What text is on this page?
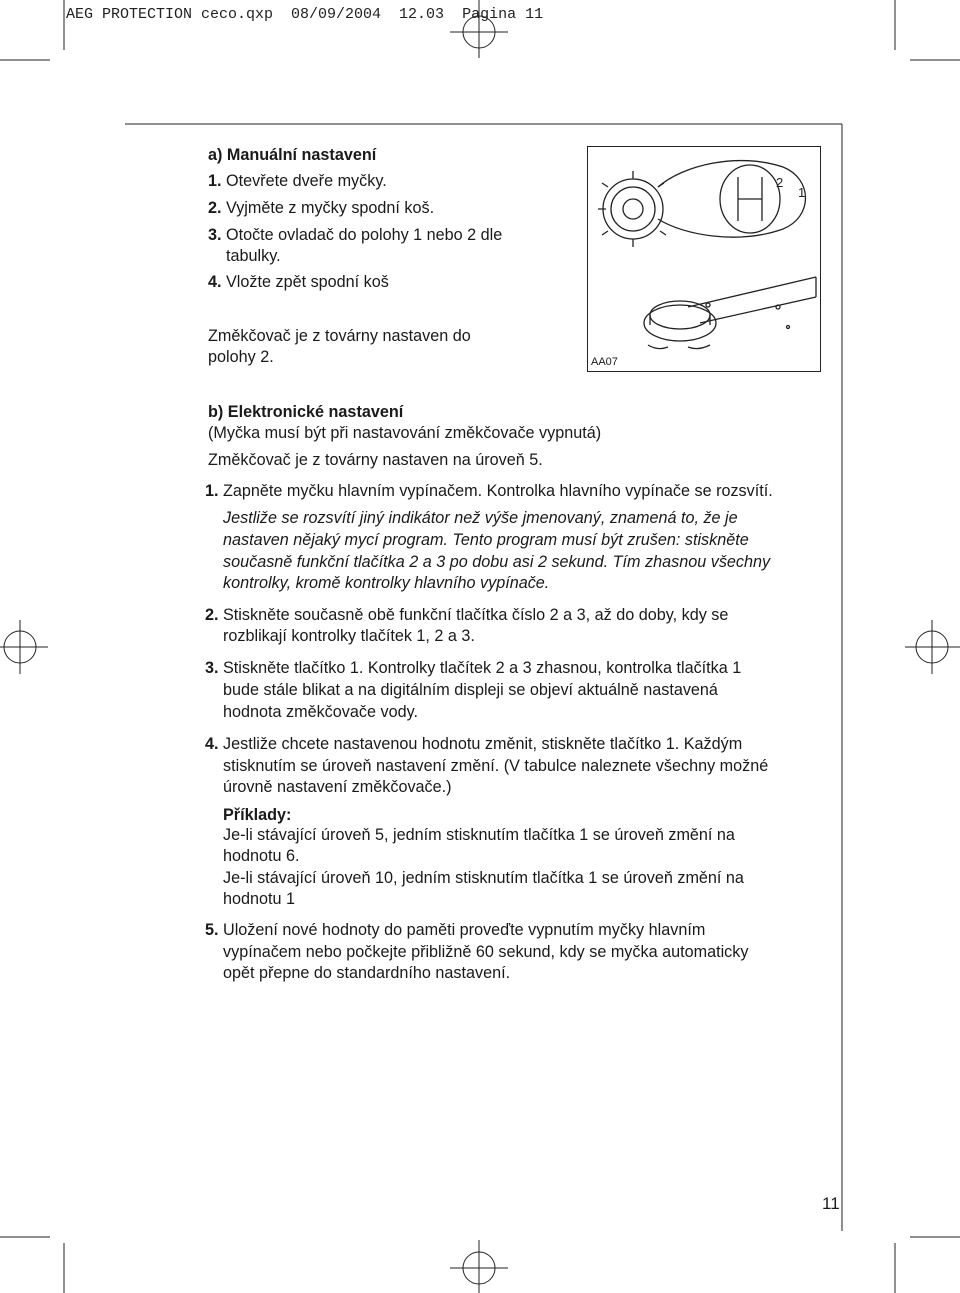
AEG PROTECTION ceco.qxp  08/09/2004  12.03  Pagina 11
2
1
AA07
a) Manuální nastavení
1. Otevřete dveře myčky.
2. Vyjměte z myčky spodní koš.
3. Otočte ovladač do polohy 1 nebo 2 dle
tabulky.
4. Vložte zpět spodní koš
Změkčovač je z továrny nastaven do
polohy 2.
b) Elektronické nastavení
(Myčka musí být při nastavování změkčovače vypnutá)
Změkčovač je z továrny nastaven na úroveň 5.
1. Zapněte myčku hlavním vypínačem. Kontrolka hlavního vypínače se rozsvítí.
Jestliže se rozsvítí jiný indikátor než výše jmenovaný, znamená to, že je
nastaven nějaký mycí program. Tento program musí být zrušen: stiskněte
současně funkční tlačítka 2 a 3 po dobu asi 2 sekund. Tím zhasnou všechny
kontrolky, kromě kontrolky hlavního vypínače.
2. Stiskněte současně obě funkční tlačítka číslo 2 a 3, až do doby, kdy se
rozblikají kontrolky tlačítek 1, 2 a 3.
3. Stiskněte tlačítko 1. Kontrolky tlačítek 2 a 3 zhasnou, kontrolka tlačítka 1
bude stále blikat a na digitálním displeji se objeví aktuálně nastavená
hodnota změkčovače vody.
4. Jestliže chcete nastavenou hodnotu změnit, stiskněte tlačítko 1. Každým
stisknutím se úroveň nastavení změní. (V tabulce naleznete všechny možné
úrovně nastavení změkčovače.)
Příklady:
Je-li stávající úroveň 5, jedním stisknutím tlačítka 1 se úroveň změní na
hodnotu 6.
Je-li stávající úroveň 10, jedním stisknutím tlačítka 1 se úroveň změní na
hodnotu 1
5. Uložení nové hodnoty do paměti proveďte vypnutím myčky hlavním
vypínačem nebo počkejte přibližně 60 sekund, kdy se myčka automaticky
opět přepne do standardního nastavení.
11
